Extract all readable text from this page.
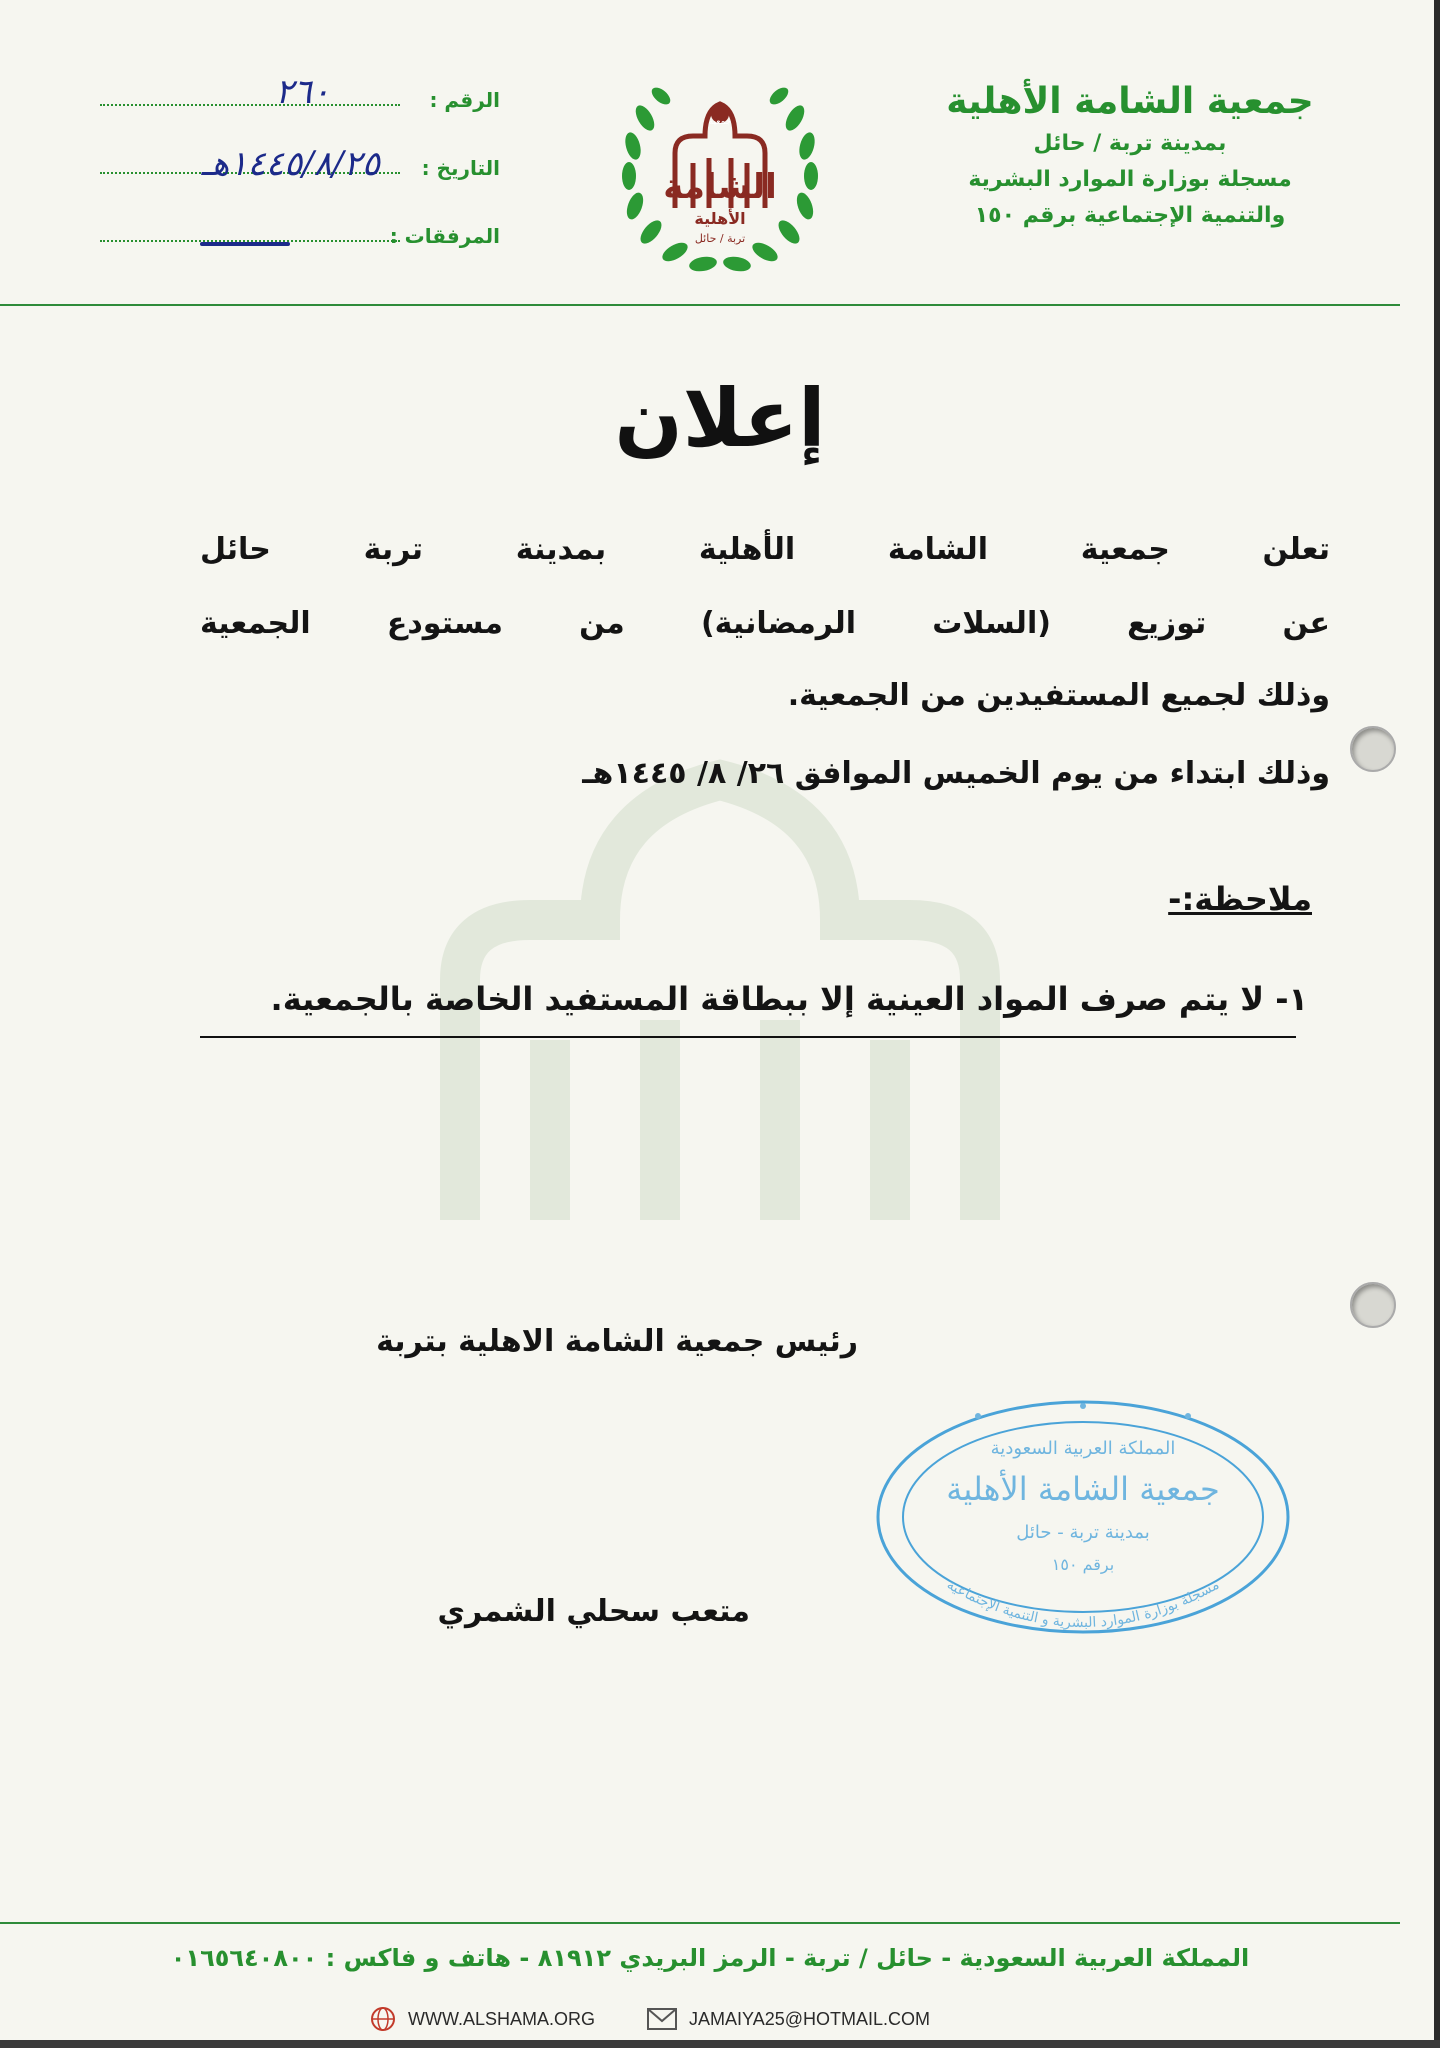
جمعية الشامة الأهلية
بمدينة تربة / حائل
مسجلة بوزارة الموارد البشرية
والتنمية الإجتماعية برقم ١٥٠
الرقم :
٢٦٠
التاريخ :
١٤٤٥/٨/٢٥هـ
المرفقات :
الشامة
جمعية
الأهلية
تربة / حائل
إعلان
تعلن جمعية الشامة الأهلية بمدينة تربة حائل
عن توزيع (السلات الرمضانية) من مستودع الجمعية
وذلك لجميع المستفيدين من الجمعية.
وذلك ابتداء من يوم الخميس الموافق ٢٦/ ٨/ ١٤٤٥هـ
ملاحظة:-
١- لا يتم صرف المواد العينية إلا ببطاقة المستفيد الخاصة بالجمعية.
رئيس جمعية الشامة الاهلية بتربة
متعب سحلي الشمري
المملكة العربية السعودية
جمعية الشامة الأهلية
بمدينة تربة - حائل
برقم ١٥٠
مسجلة بوزارة الموارد البشرية و التنمية الإجتماعية
المملكة العربية السعودية - حائل / تربة - الرمز البريدي ٨١٩١٢ - هاتف و فاكس : ٠١٦٥٦٤٠٨٠٠
WWW.ALSHAMA.ORG	JAMAIYA25@HOTMAIL.COM
